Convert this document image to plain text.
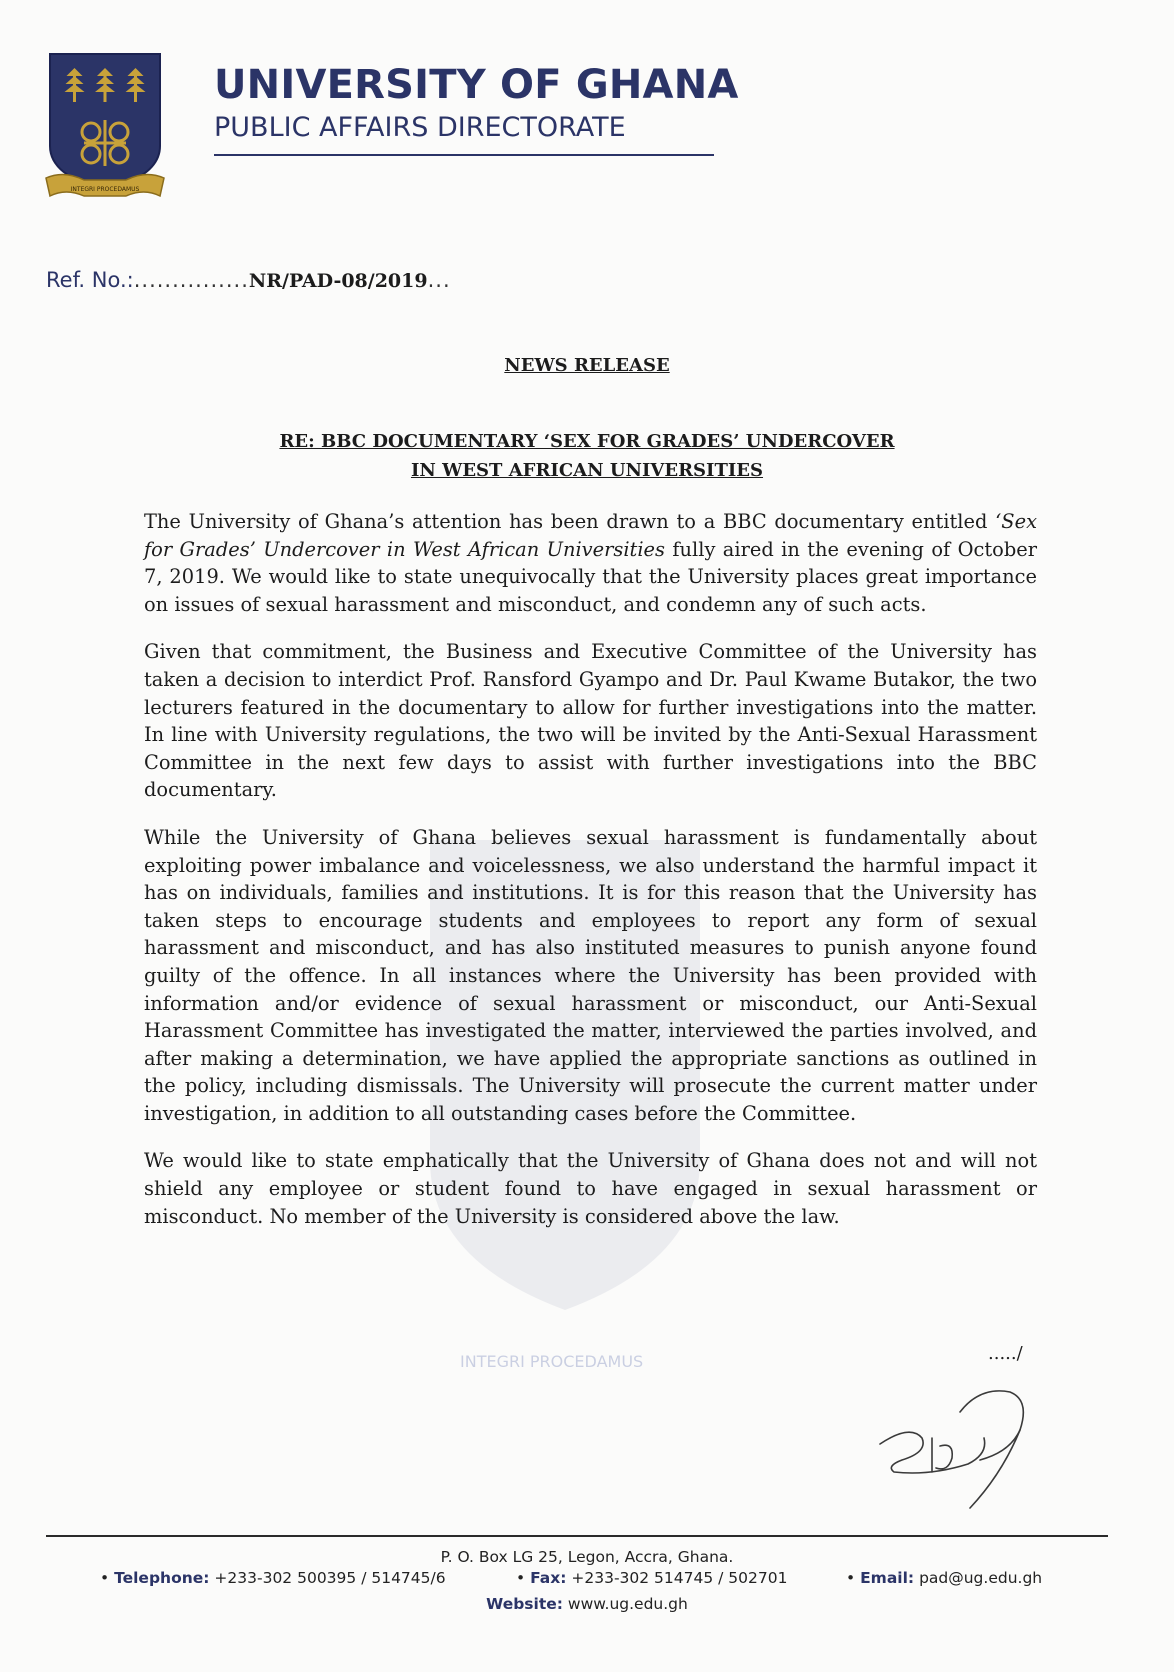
INTEGRI PROCEDAMUS
UNIVERSITY OF GHANA
PUBLIC AFFAIRS DIRECTORATE
Ref. No.:...............NR/PAD-08/2019...
NEWS RELEASE
RE: BBC DOCUMENTARY ‘SEX FOR GRADES’ UNDERCOVER
IN WEST AFRICAN UNIVERSITIES
INTEGRI PROCEDAMUS

The University of Ghana’s attention has been drawn to a BBC documentary entitled ‘Sex for Grades’ Undercover in West African Universities fully aired in the evening of October 7, 2019. We would like to state unequivocally that the University places great importance on issues of sexual harassment and misconduct, and condemn any of such acts.

Given that commitment, the Business and Executive Committee of the University has taken a decision to interdict Prof. Ransford Gyampo and Dr. Paul Kwame Butakor, the two lecturers featured in the documentary to allow for further investigations into the matter. In line with University regulations, the two will be invited by the Anti-Sexual Harassment Committee in the next few days to assist with further investigations into the BBC documentary.

While the University of Ghana believes sexual harassment is fundamentally about exploiting power imbalance and voicelessness, we also understand the harmful impact it has on individuals, families and institutions. It is for this reason that the University has taken steps to encourage students and employees to report any form of sexual harassment and misconduct, and has also instituted measures to punish anyone found guilty of the offence. In all instances where the University has been provided with information and/or evidence of sexual harassment or misconduct, our Anti-Sexual Harassment Committee has investigated the matter, interviewed the parties involved, and after making a determination, we have applied the appropriate sanctions as outlined in the policy, including dismissals. The University will prosecute the current matter under investigation, in addition to all outstanding cases before the Committee.

We would like to state emphatically that the University of Ghana does not and will not shield any employee or student found to have engaged in sexual harassment or misconduct. No member of the University is considered above the law.

...../
P. O. Box LG 25, Legon, Accra, Ghana.
• Telephone: +233-302 500395 / 514745/6	• Fax: +233-302 514745 / 502701	• Email: pad@ug.edu.gh
Website: www.ug.edu.gh
